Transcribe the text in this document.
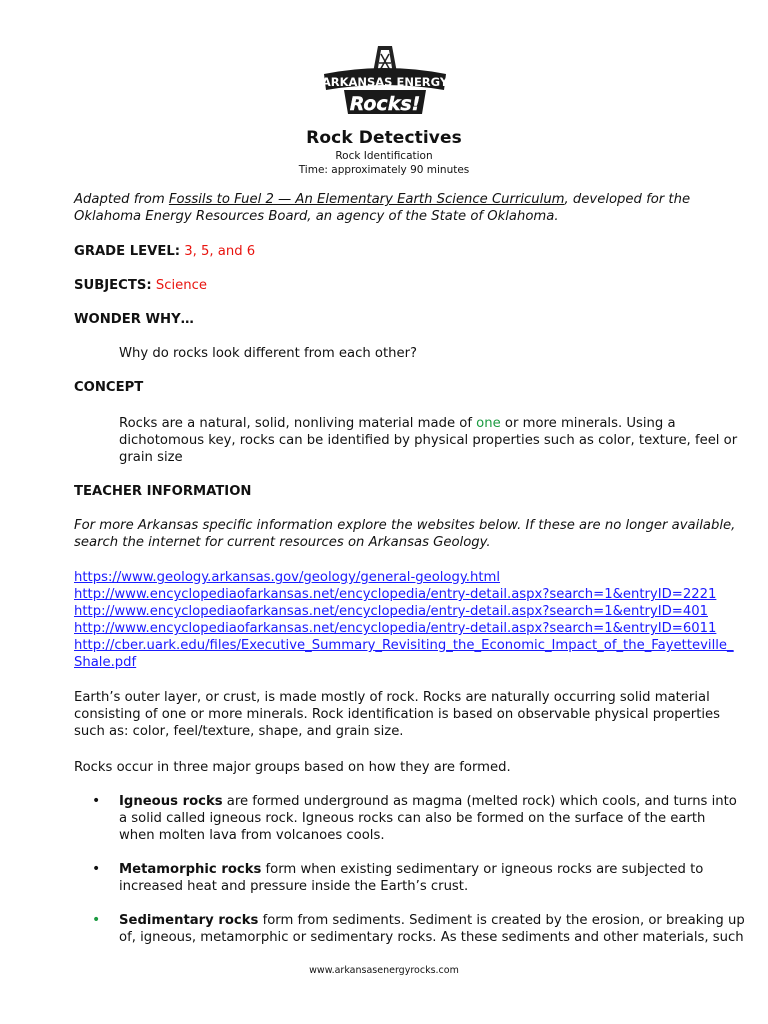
ARKANSAS ENERGY
Rocks!
Rock Detectives
Rock Identification
Time: approximately 90 minutes
Adapted from Fossils to Fuel 2 — An Elementary Earth Science Curriculum, developed for the
Oklahoma Energy Resources Board, an agency of the State of Oklahoma.
GRADE LEVEL: 3, 5, and 6
SUBJECTS: Science
WONDER WHY…
Why do rocks look different from each other?
CONCEPT
Rocks are a natural, solid, nonliving material made of one or more minerals. Using a
dichotomous key, rocks can be identified by physical properties such as color, texture, feel or
grain size
TEACHER INFORMATION
For more Arkansas specific information explore the websites below. If these are no longer available,
search the internet for current resources on Arkansas Geology.
https://www.geology.arkansas.gov/geology/general-geology.html
http://www.encyclopediaofarkansas.net/encyclopedia/entry-detail.aspx?search=1&entryID=2221
http://www.encyclopediaofarkansas.net/encyclopedia/entry-detail.aspx?search=1&entryID=401
http://www.encyclopediaofarkansas.net/encyclopedia/entry-detail.aspx?search=1&entryID=6011
http://cber.uark.edu/files/Executive_Summary_Revisiting_the_Economic_Impact_of_the_Fayetteville_
Shale.pdf
Earth’s outer layer, or crust, is made mostly of rock. Rocks are naturally occurring solid material
consisting of one or more minerals. Rock identification is based on observable physical properties
such as: color, feel/texture, shape, and grain size.
Rocks occur in three major groups based on how they are formed.
• Igneous rocks are formed underground as magma (melted rock) which cools, and turns into
a solid called igneous rock. Igneous rocks can also be formed on the surface of the earth
when molten lava from volcanoes cools.
• Metamorphic rocks form when existing sedimentary or igneous rocks are subjected to
increased heat and pressure inside the Earth’s crust.
• Sedimentary rocks form from sediments. Sediment is created by the erosion, or breaking up
of, igneous, metamorphic or sedimentary rocks. As these sediments and other materials, such
www.arkansasenergyrocks.com
